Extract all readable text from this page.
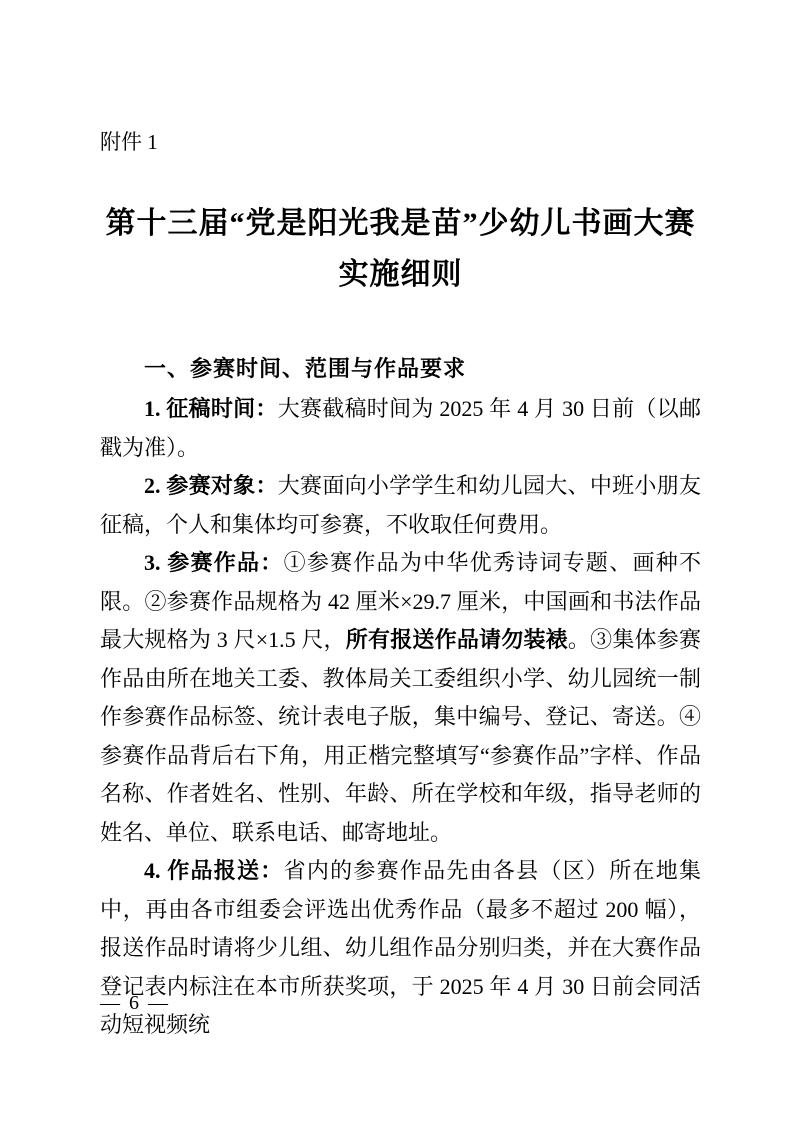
附件 1
第十三届“党是阳光我是苗”少幼儿书画大赛
实施细则
一、参赛时间、范围与作品要求

1. 征稿时间：大赛截稿时间为 2025 年 4 月 30 日前（以邮戳为准）。

2. 参赛对象：大赛面向小学学生和幼儿园大、中班小朋友征稿，个人和集体均可参赛，不收取任何费用。

3. 参赛作品：①参赛作品为中华优秀诗词专题、画种不限。②参赛作品规格为 42 厘米×29.7 厘米，中国画和书法作品最大规格为 3 尺×1.5 尺，所有报送作品请勿装裱。③集体参赛作品由所在地关工委、教体局关工委组织小学、幼儿园统一制作参赛作品标签、统计表电子版，集中编号、登记、寄送。④参赛作品背后右下角，用正楷完整填写“参赛作品”字样、作品名称、作者姓名、性别、年龄、所在学校和年级，指导老师的姓名、单位、联系电话、邮寄地址。

4. 作品报送：省内的参赛作品先由各县（区）所在地集中，再由各市组委会评选出优秀作品（最多不超过 200 幅），报送作品时请将少儿组、幼儿组作品分别归类，并在大赛作品登记表内标注在本市所获奖项，于 2025 年 4 月 30 日前会同活动短视频统

— 6 —
